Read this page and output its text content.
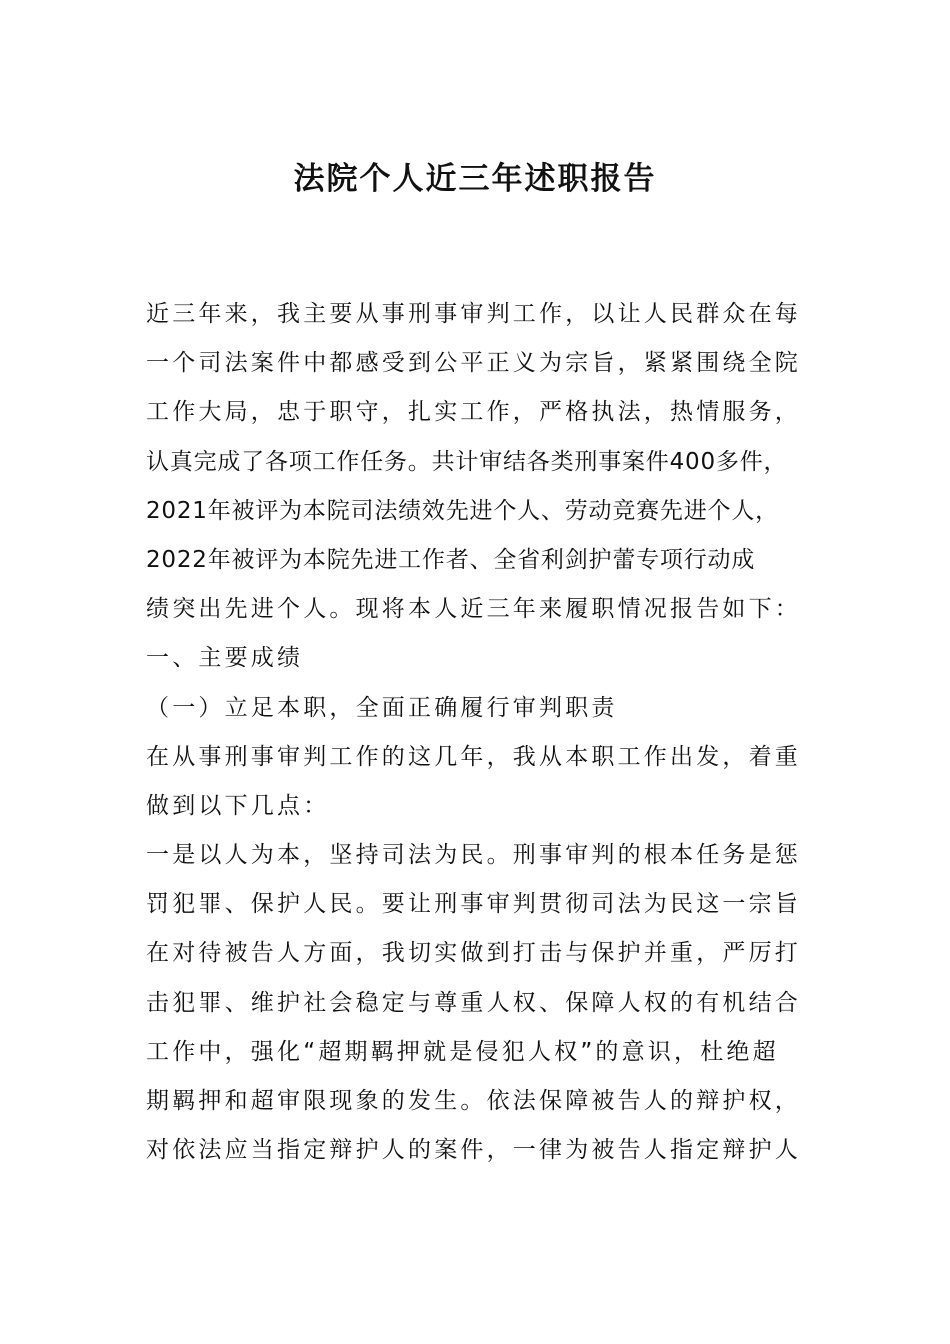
法院个人近三年述职报告

近三年来，我主要从事刑事审判工作，以让人民群众在每

一个司法案件中都感受到公平正义为宗旨，紧紧围绕全院

工作大局，忠于职守，扎实工作，严格执法，热情服务，

认真完成了各项工作任务。共计审结各类刑事案件400多件，

2021年被评为本院司法绩效先进个人、劳动竞赛先进个人，

2022年被评为本院先进工作者、全省利剑护蕾专项行动成

绩突出先进个人。现将本人近三年来履职情况报告如下：

一、主要成绩

（一）立足本职，全面正确履行审判职责

在从事刑事审判工作的这几年，我从本职工作出发，着重

做到以下几点：

一是以人为本，坚持司法为民。刑事审判的根本任务是惩

罚犯罪、保护人民。要让刑事审判贯彻司法为民这一宗旨

在对待被告人方面，我切实做到打击与保护并重，严厉打

击犯罪、维护社会稳定与尊重人权、保障人权的有机结合

工作中，强化“超期羁押就是侵犯人权”的意识，杜绝超

期羁押和超审限现象的发生。依法保障被告人的辩护权，

对依法应当指定辩护人的案件，一律为被告人指定辩护人
